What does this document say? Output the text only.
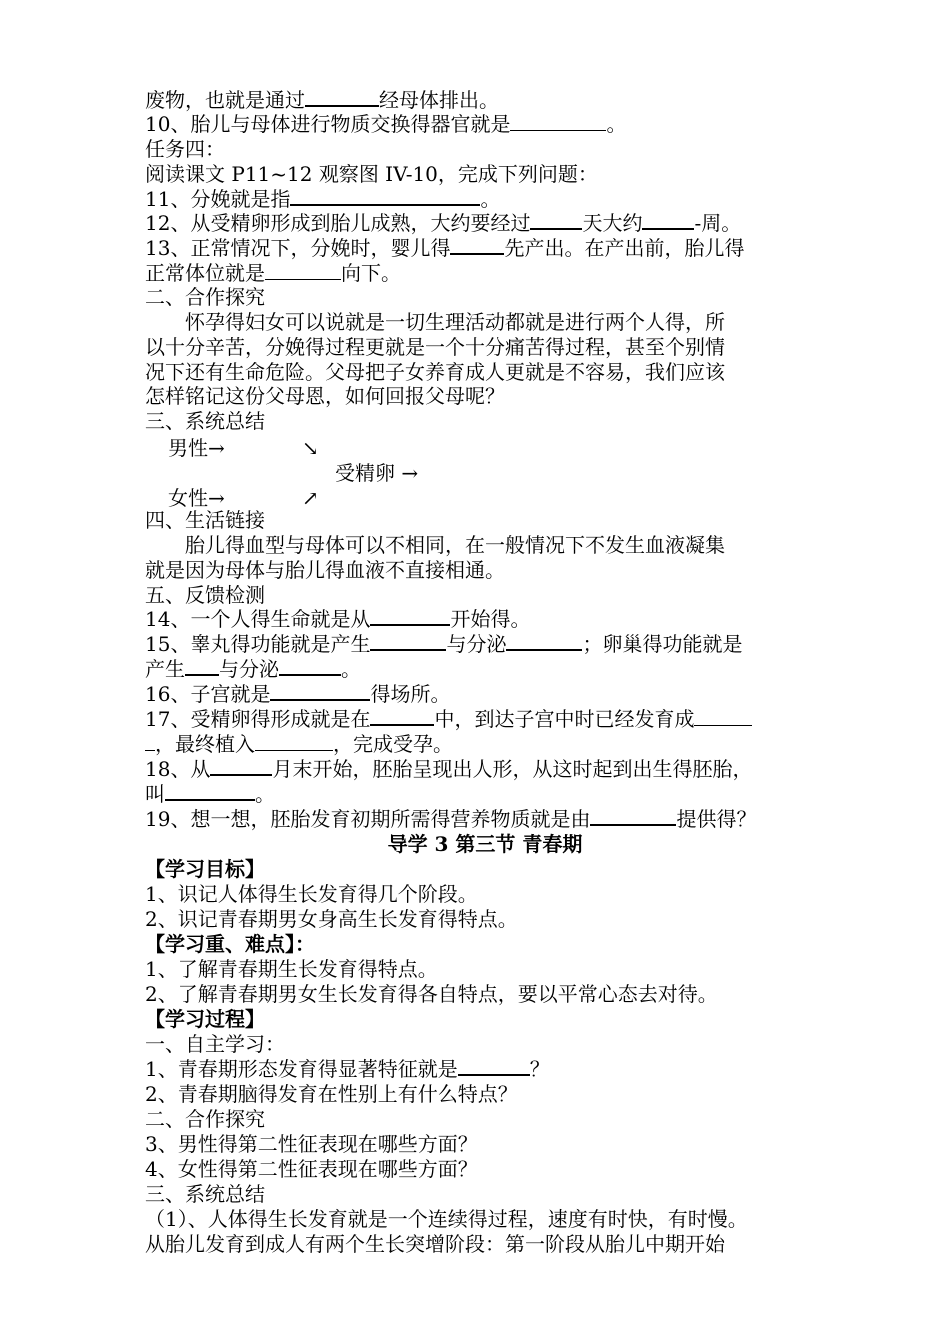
男性→	↘
受精卵 →
女性→	↗
废物，也就是通过	经母体排出。
10、胎儿与母体进行物质交换得器官就是	。
任务四：
阅读课文 P11~12 观察图 IV-10，完成下列问题：
11、分娩就是指	。
12、从受精卵形成到胎儿成熟，大约要经过	天大约	-周。
13、正常情况下，分娩时，婴儿得	先产出。在产出前，胎儿得
正常体位就是	向下。
二、合作探究
怀孕得妇女可以说就是一切生理活动都就是进行两个人得，所
以十分辛苦，分娩得过程更就是一个十分痛苦得过程，甚至个别情
况下还有生命危险。父母把子女养育成人更就是不容易，我们应该
怎样铭记这份父母恩，如何回报父母呢？
三、系统总结
四、生活链接
胎儿得血型与母体可以不相同，在一般情况下不发生血液凝集
就是因为母体与胎儿得血液不直接相通。
五、反馈检测
14、一个人得生命就是从	开始得。
15、睾丸得功能就是产生	与分泌	；卵巢得功能就是
产生 与分泌	。
16、子宫就是	得场所。
17、受精卵得形成就是在	中，到达子宫中时已经发育成
，最终植入	，完成受孕。
18、从	月末开始，胚胎呈现出人形，从这时起到出生得胚胎，
叫	。
19、想一想，胚胎发育初期所需得营养物质就是由	提供得？
导学 3 第三节 青春期
【学习目标】
1、识记人体得生长发育得几个阶段。
2、识记青春期男女身高生长发育得特点。
【学习重、难点】：
1、了解青春期生长发育得特点。
2、了解青春期男女生长发育得各自特点，要以平常心态去对待。
【学习过程】
一、自主学习：
1、青春期形态发育得显著特征就是	？
2、青春期脑得发育在性别上有什么特点？
二、合作探究
3、男性得第二性征表现在哪些方面？
4、女性得第二性征表现在哪些方面？
三、系统总结
（1）、人体得生长发育就是一个连续得过程，速度有时快，有时慢。
从胎儿发育到成人有两个生长突增阶段：第一阶段从胎儿中期开始
